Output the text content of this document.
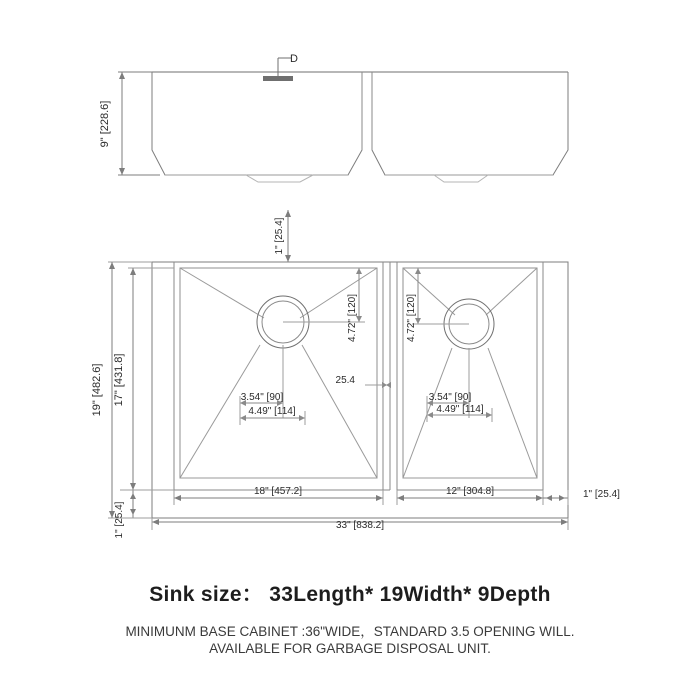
D
9" [228.6]
1" [25.4]
19" [482.6] 17" [431.8]
1" [25.4]
18" [457.2]	12" [304.8]	1" [25.4]
33" [838.2]
25.4
4.72" [120]
3.54" [90]
4.49" [114]
4.72" [120]
3.54" [90]
4.49" [114]
Sink size： 33Length* 19Width* 9Depth
MINIMUNM BASE CABINET :36"WIDE，STANDARD 3.5 OPENING WILL.
AVAILABLE FOR GARBAGE DISPOSAL UNIT.
